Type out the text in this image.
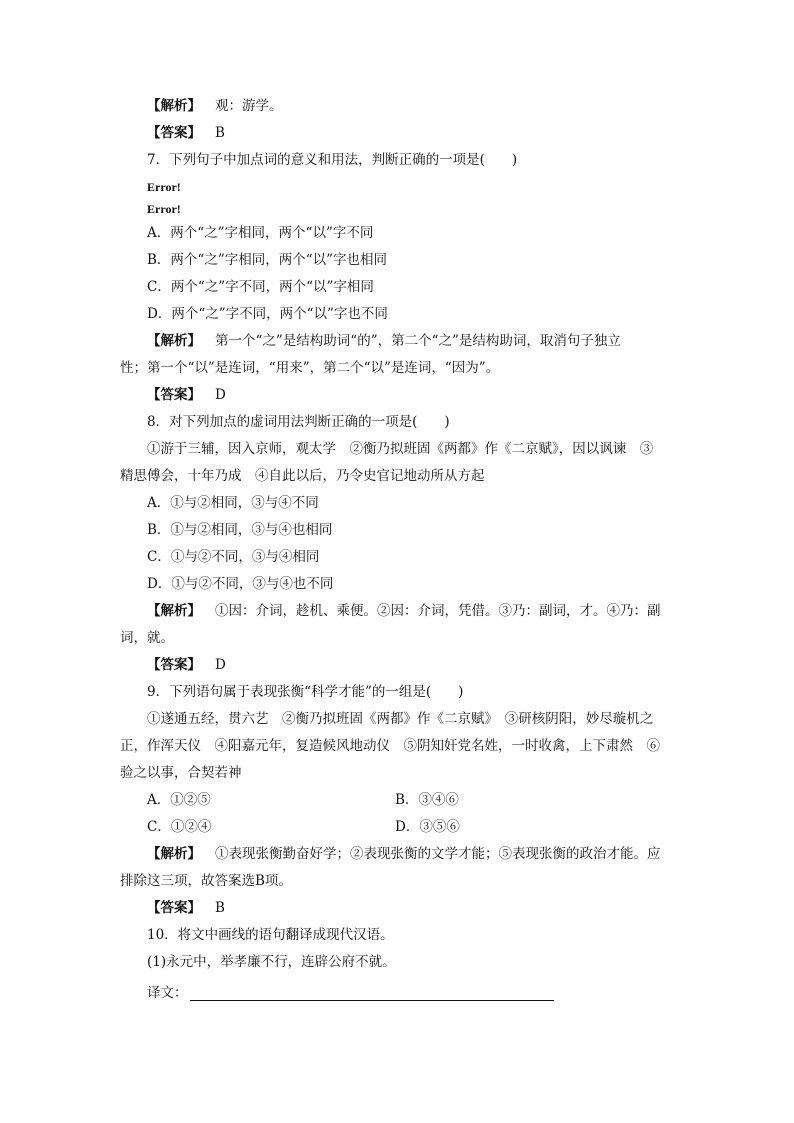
【解析】 观：游学。
【答案】 B
7．下列句子中加点词的意义和用法，判断正确的一项是(　　)
Error!
Error!
A．两个“之”字相同，两个“以”字不同
B．两个“之”字相同，两个“以”字也相同
C．两个“之”字不同，两个“以”字相同
D．两个“之”字不同，两个“以”字也不同
【解析】 第一个“之”是结构助词“的”，第二个“之”是结构助词，取消句子独立
性；第一个“以”是连词，“用来”，第二个“以”是连词，“因为”。
【答案】 D
8．对下列加点的虚词用法判断正确的一项是(　　)
①游于三辅，因入京师，观太学　②衡乃拟班固《两都》作《二京赋》，因以讽谏　③
精思傅会，十年乃成　④自此以后，乃令史官记地动所从方起
A．①与②相同，③与④不同
B．①与②相同，③与④也相同
C．①与②不同，③与④相同
D．①与②不同，③与④也不同
【解析】 ①因：介词，趁机、乘便。②因：介词，凭借。③乃：副词，才。④乃：副
词，就。
【答案】 D
9．下列语句属于表现张衡“科学才能”的一组是(　　)
①遂通五经，贯六艺　②衡乃拟班固《两都》作《二京赋》　③研核阴阳，妙尽璇机之
正，作浑天仪　④阳嘉元年，复造候风地动仪　⑤阴知奸党名姓，一时收禽，上下肃然　⑥
验之以事，合契若神
A．①②⑤	B．③④⑥
C．①②④	D．③⑤⑥
【解析】 ①表现张衡勤奋好学；②表现张衡的文学才能；⑤表现张衡的政治才能。应
排除这三项，故答案选B项。
【答案】 B
10．将文中画线的语句翻译成现代汉语。
(1)永元中，举孝廉不行，连辟公府不就。
译文：
